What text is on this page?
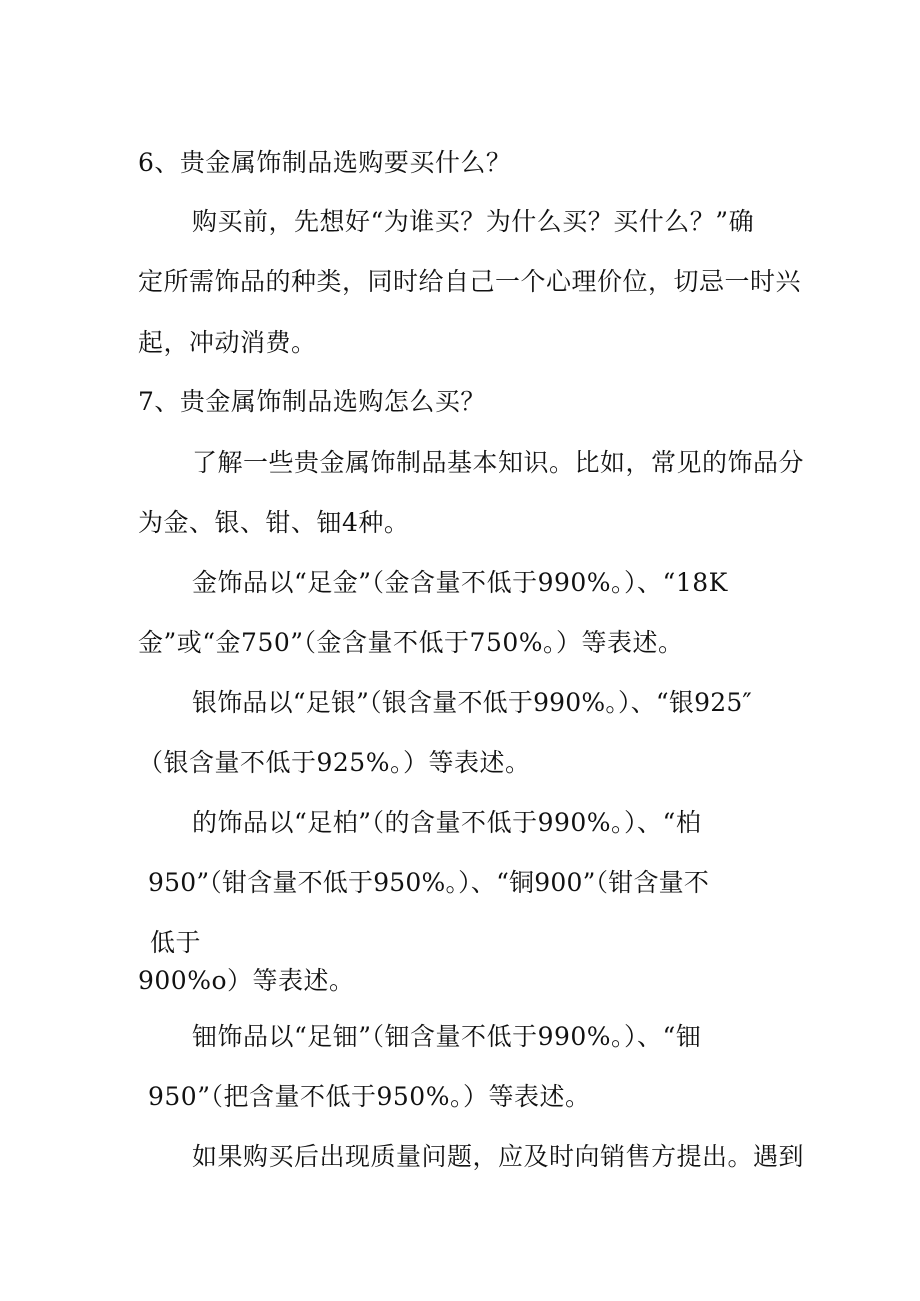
6、贵金属饰制品选购要买什么？
购买前，先想好“为谁买？为什么买？买什么？”确
定所需饰品的种类，同时给自己一个心理价位，切忌一时兴
起，冲动消费。
7、贵金属饰制品选购怎么买？
了解一些贵金属饰制品基本知识。比如，常见的饰品分
为金、银、钳、钿4种。
金饰品以“足金”（金含量不低于990%。）、“18K
金”或“金750”（金含量不低于750%。）等表述。
银饰品以“足银”（银含量不低于990%。）、“银925″
（银含量不低于925%。）等表述。
的饰品以“足柏”（的含量不低于990%。）、“柏
950”（钳含量不低于950%。）、“铜900”（钳含量不
低于
900%o）等表述。
钿饰品以“足钿”（钿含量不低于990%。）、“钿
950”（把含量不低于950%。）等表述。
如果购买后出现质量问题，应及时向销售方提出。遇到
